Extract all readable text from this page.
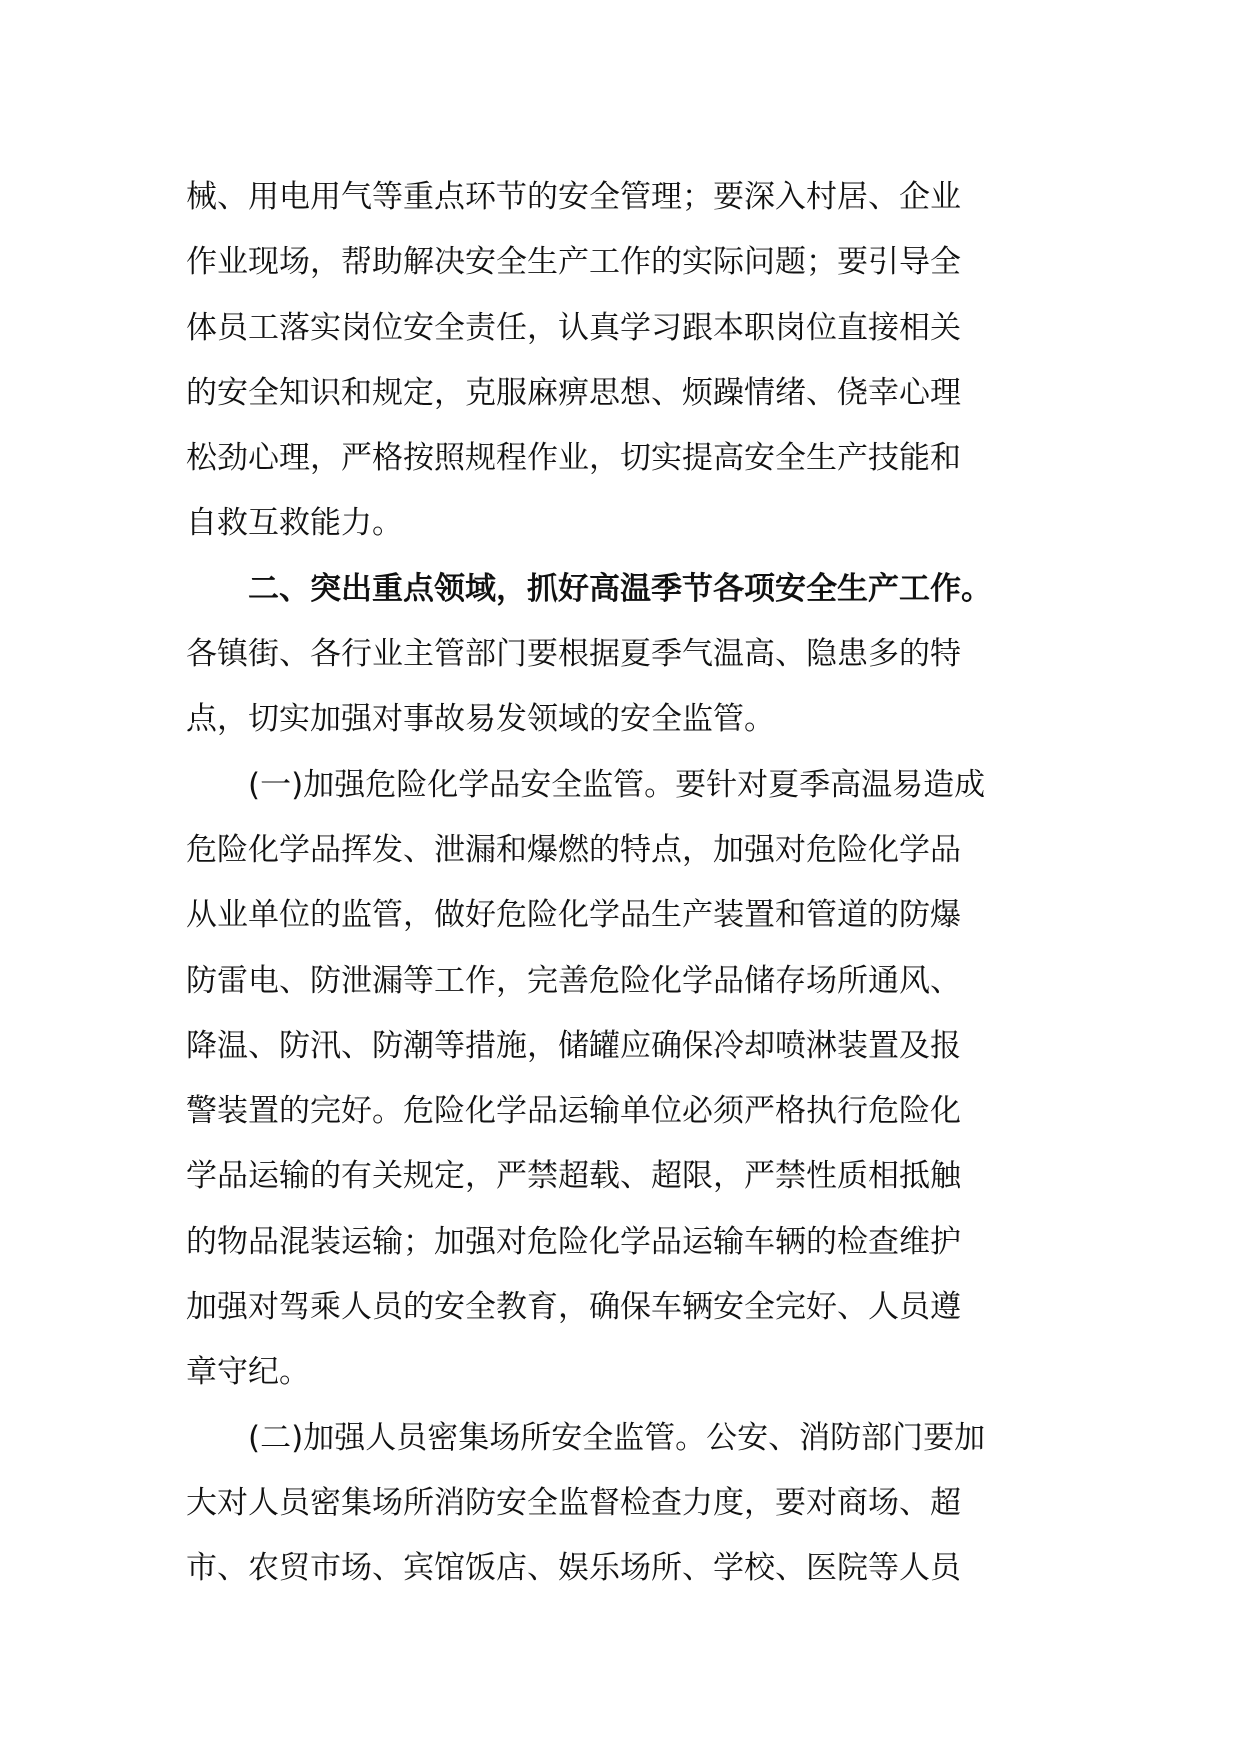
械、用电用气等重点环节的安全管理；要深入村居、企业
作业现场，帮助解决安全生产工作的实际问题；要引导全
体员工落实岗位安全责任，认真学习跟本职岗位直接相关
的安全知识和规定，克服麻痹思想、烦躁情绪、侥幸心理
松劲心理，严格按照规程作业，切实提高安全生产技能和
自救互救能力。
二、突出重点领域，抓好高温季节各项安全生产工作。
各镇街、各行业主管部门要根据夏季气温高、隐患多的特
点，切实加强对事故易发领域的安全监管。
(一)加强危险化学品安全监管。要针对夏季高温易造成
危险化学品挥发、泄漏和爆燃的特点，加强对危险化学品
从业单位的监管，做好危险化学品生产装置和管道的防爆
防雷电、防泄漏等工作，完善危险化学品储存场所通风、
降温、防汛、防潮等措施，储罐应确保冷却喷淋装置及报
警装置的完好。危险化学品运输单位必须严格执行危险化
学品运输的有关规定，严禁超载、超限，严禁性质相抵触
的物品混装运输；加强对危险化学品运输车辆的检查维护
加强对驾乘人员的安全教育，确保车辆安全完好、人员遵
章守纪。
(二)加强人员密集场所安全监管。公安、消防部门要加
大对人员密集场所消防安全监督检查力度，要对商场、超
市、农贸市场、宾馆饭店、娱乐场所、学校、医院等人员
